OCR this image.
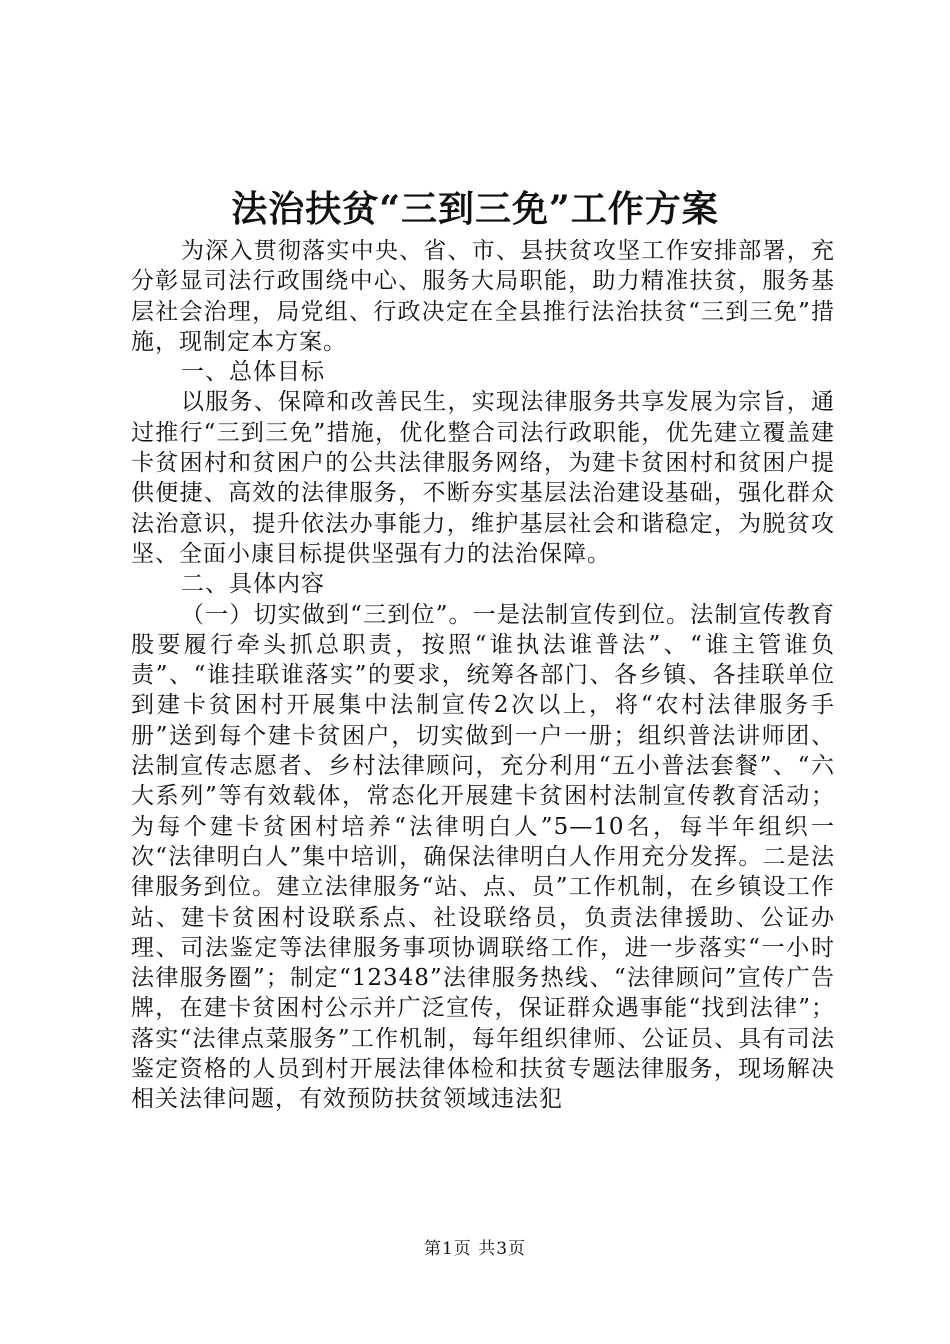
法治扶贫“三到三免”工作方案

为深入贯彻落实中央、省、市、县扶贫攻坚工作安排部署，充分彰显司法行政围绕中心、服务大局职能，助力精准扶贫，服务基层社会治理，局党组、行政决定在全县推行法治扶贫“三到三免”措施，现制定本方案。

一、总体目标

以服务、保障和改善民生，实现法律服务共享发展为宗旨，通过推行“三到三免”措施，优化整合司法行政职能，优先建立覆盖建卡贫困村和贫困户的公共法律服务网络，为建卡贫困村和贫困户提供便捷、高效的法律服务，不断夯实基层法治建设基础，强化群众法治意识，提升依法办事能力，维护基层社会和谐稳定，为脱贫攻坚、全面小康目标提供坚强有力的法治保障。

二、具体内容

（一）切实做到“三到位”。一是法制宣传到位。法制宣传教育股要履行牵头抓总职责，按照“谁执法谁普法”、“谁主管谁负责”、“谁挂联谁落实”的要求，统筹各部门、各乡镇、各挂联单位到建卡贫困村开展集中法制宣传2次以上，将“农村法律服务手册”送到每个建卡贫困户，切实做到一户一册；组织普法讲师团、法制宣传志愿者、乡村法律顾问，充分利用“五小普法套餐”、“六大系列”等有效载体，常态化开展建卡贫困村法制宣传教育活动；为每个建卡贫困村培养“法律明白人”5—10名，每半年组织一次“法律明白人”集中培训，确保法律明白人作用充分发挥。二是法律服务到位。建立法律服务“站、点、员”工作机制，在乡镇设工作站、建卡贫困村设联系点、社设联络员，负责法律援助、公证办理、司法鉴定等法律服务事项协调联络工作，进一步落实“一小时法律服务圈”；制定“12348”法律服务热线、“法律顾问”宣传广告牌，在建卡贫困村公示并广泛宣传，保证群众遇事能“找到法律”；落实“法律点菜服务”工作机制，每年组织律师、公证员、具有司法鉴定资格的人员到村开展法律体检和扶贫专题法律服务，现场解决相关法律问题，有效预防扶贫领域违法犯

第1页 共3页
